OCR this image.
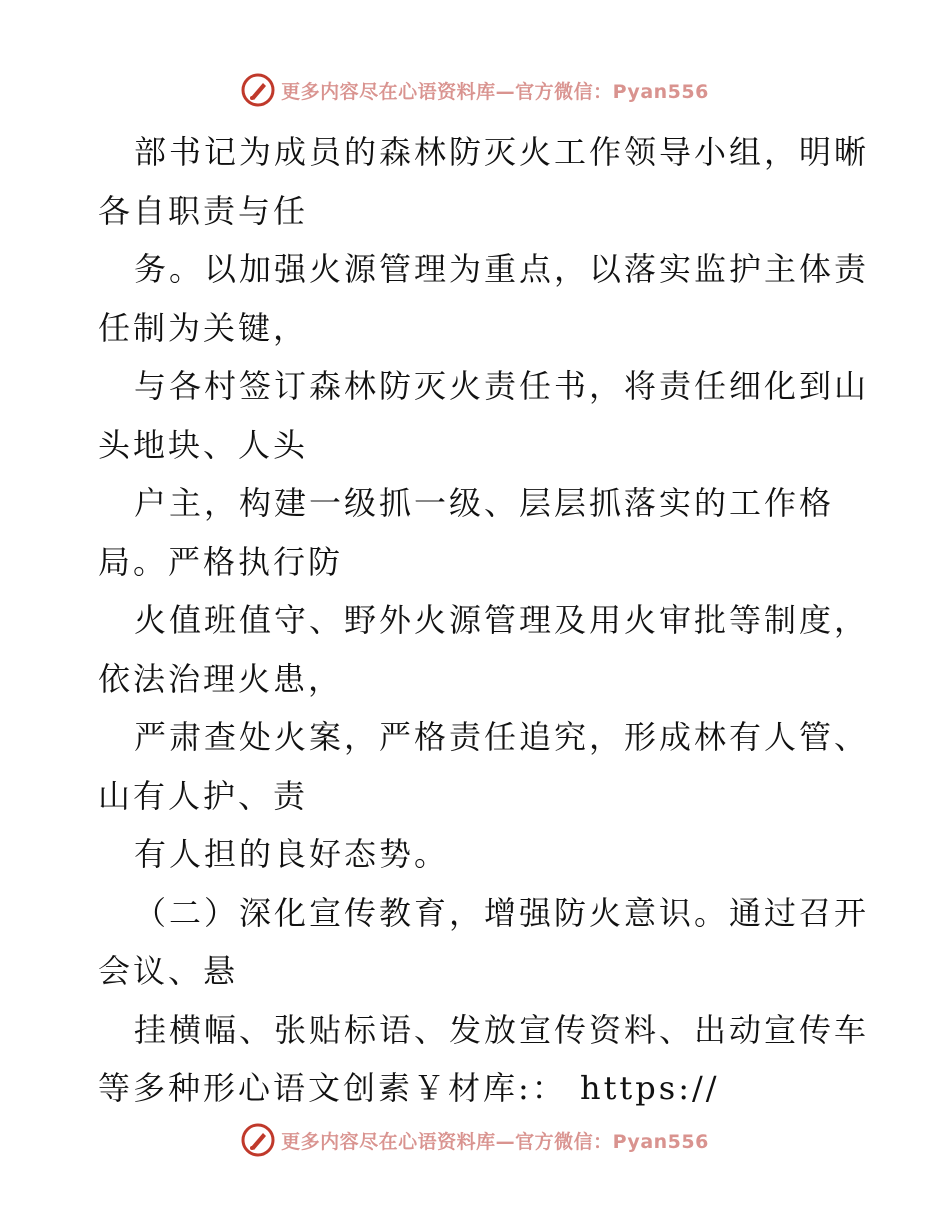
更多内容尽在心语资料库—官方微信：Pyan556
部书记为成员的森林防灭火工作领导小组，明晰
各自职责与任
务。以加强火源管理为重点，以落实监护主体责
任制为关键，
与各村签订森林防灭火责任书，将责任细化到山
头地块、人头
户主，构建一级抓一级、层层抓落实的工作格
局。严格执行防
火值班值守、野外火源管理及用火审批等制度，
依法治理火患，
严肃查处火案，严格责任追究，形成林有人管、
山有人护、责
有人担的良好态势。
（二）深化宣传教育，增强防火意识。通过召开
会议、悬
挂横幅、张贴标语、发放宣传资料、出动宣传车
等多种形心语文创素￥材库:： https://
更多内容尽在心语资料库—官方微信：Pyan556
